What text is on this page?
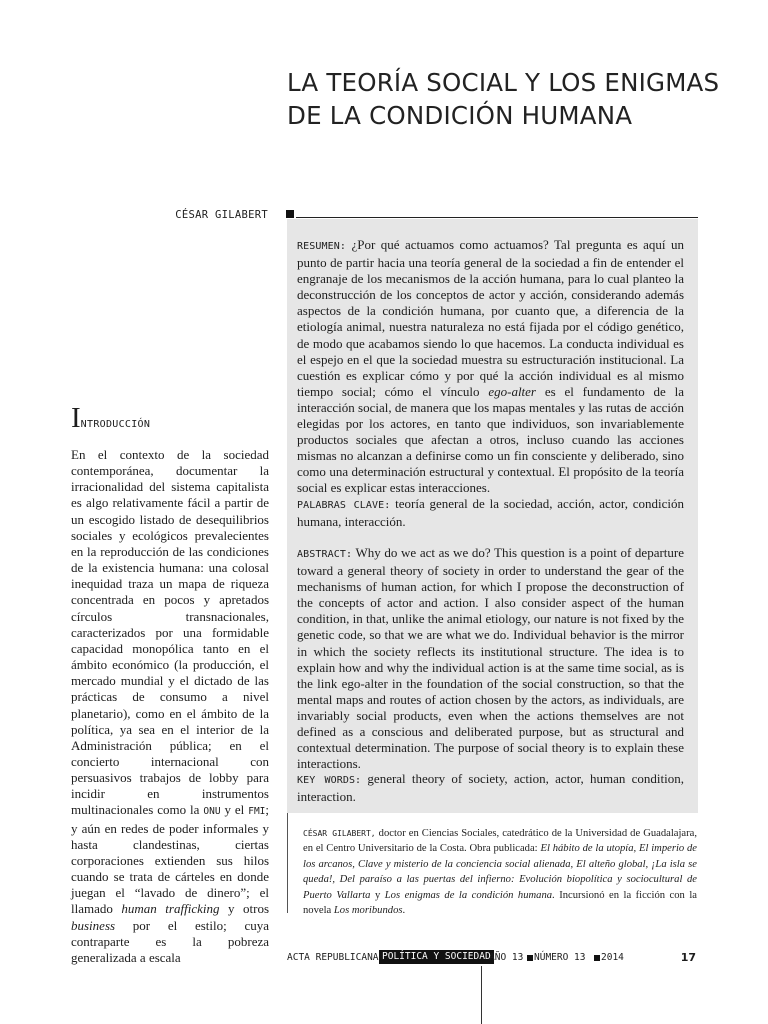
LA TEORÍA SOCIAL Y LOS ENIGMAS
DE LA CONDICIÓN HUMANA
CÉSAR GILABERT
RESUMEN: ¿Por qué actuamos como actuamos? Tal pregunta es aquí un punto de partir hacia una teoría general de la sociedad a fin de entender el engranaje de los mecanismos de la acción humana, para lo cual planteo la deconstrucción de los conceptos de actor y acción, considerando además aspectos de la condición humana, por cuanto que, a diferencia de la etiología animal, nuestra naturaleza no está fijada por el código genético, de modo que acabamos siendo lo que hacemos. La conducta individual es el espejo en el que la sociedad muestra su estructuración institucional. La cuestión es explicar cómo y por qué la acción individual es al mismo tiempo social; cómo el vínculo ego-alter es el fundamento de la interacción social, de manera que los mapas mentales y las rutas de acción elegidas por los actores, en tanto que individuos, son invariablemente productos sociales que afectan a otros, incluso cuando las acciones mismas no alcanzan a definirse como un fin consciente y deliberado, sino como una determinación estructural y contextual. El propósito de la teoría social es explicar estas interacciones.
PALABRAS CLAVE: teoría general de la sociedad, acción, actor, condición humana, interacción.
ABSTRACT: Why do we act as we do? This question is a point of departure toward a general theory of society in order to understand the gear of the mechanisms of human action, for which I propose the deconstruction of the concepts of actor and action. I also consider aspect of the human condition, in that, unlike the animal etiology, our nature is not fixed by the genetic code, so that we are what we do. Individual behavior is the mirror in which the society reflects its institutional structure. The idea is to explain how and why the individual action is at the same time social, as is the link ego-alter in the foundation of the social construction, so that the mental maps and routes of action chosen by the actors, as individuals, are invariably social products, even when the actions themselves are not defined as a conscious and deliberated purpose, but as structural and contextual determination. The purpose of social theory is to explain these interactions.
KEY WORDS: general theory of society, action, actor, human condition, interaction.
CÉSAR GILABERT, doctor en Ciencias Sociales, catedrático de la Universidad de Guadalajara, en el Centro Universitario de la Costa. Obra publicada: El hábito de la utopía, El imperio de los arcanos, Clave y misterio de la conciencia social alienada, El alteño global, ¡La isla se queda!, Del paraíso a las puertas del infierno: Evolución biopolítica y sociocultural de Puerto Vallarta y Los enigmas de la condición humana. Incursionó en la ficción con la novela Los moribundos.
INTRODUCCIÓN

En el contexto de la sociedad contemporánea, documentar la irracionalidad del sistema capitalista es algo relativamente fácil a partir de un escogido listado de desequilibrios sociales y ecológicos prevalecientes en la reproducción de las condiciones de la existencia humana: una colosal inequidad traza un mapa de riqueza concentrada en pocos y apretados círculos transnacionales, caracterizados por una formidable capacidad monopólica tanto en el ámbito económico (la producción, el mercado mundial y el dictado de las prácticas de consumo a nivel planetario), como en el ámbito de la política, ya sea en el interior de la Administración pública; en el concierto internacional con persuasivos trabajos de lobby para incidir en instrumentos multinacionales como la ONU y el FMI; y aún en redes de poder informales y hasta clandestinas, ciertas corporaciones extienden sus hilos cuando se trata de cárteles en donde juegan el “lavado de dinero”; el llamado human trafficking y otros business por el estilo; cuya contraparte es la pobreza generalizada a escala	ACTA REPUBLICANA POLÍTICA Y SOCIEDAD
AÑO 13 NÚMERO 13 2014	17
